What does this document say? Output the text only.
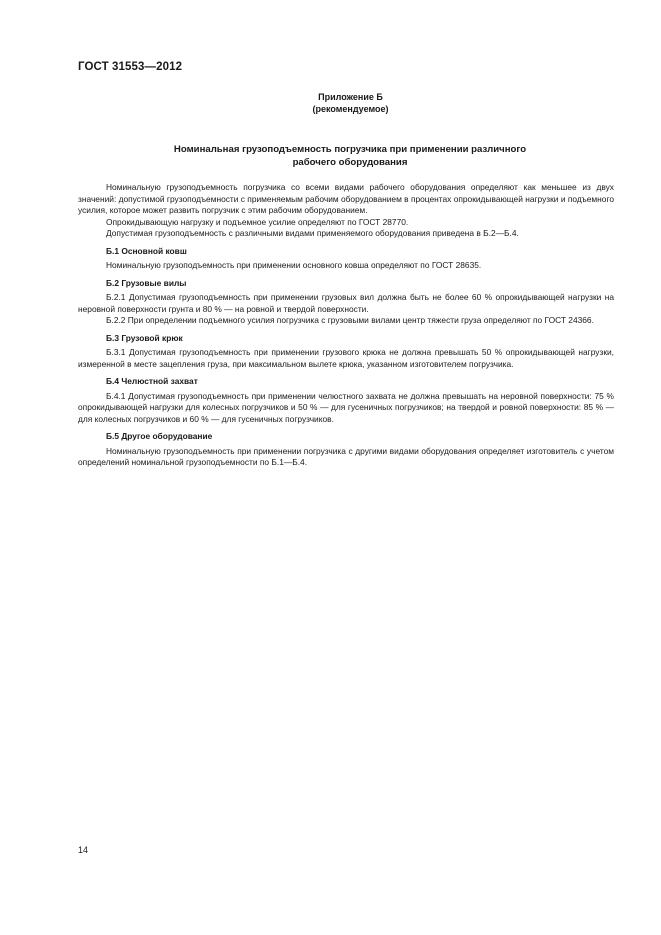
ГОСТ 31553—2012
Приложение Б
(рекомендуемое)
Номинальная грузоподъемность погрузчика при применении различного
рабочего оборудования

Номинальную грузоподъемность погрузчика со всеми видами рабочего оборудования определяют как меньшее из двух значений: допустимой грузоподъемности с применяемым рабочим оборудованием в процентах опрокидывающей нагрузки и подъемного усилия, которое может развить погрузчик с этим рабочим оборудованием.

Опрокидывающую нагрузку и подъемное усилие определяют по ГОСТ 28770.

Допустимая грузоподъемность с различными видами применяемого оборудования приведена в Б.2—Б.4.

Б.1 Основной ковш

Номинальную грузоподъемность при применении основного ковша определяют по ГОСТ 28635.

Б.2 Грузовые вилы

Б.2.1 Допустимая грузоподъемность при применении грузовых вил должна быть не более 60 % опрокидывающей нагрузки на неровной поверхности грунта и 80 % — на ровной и твердой поверхности.

Б.2.2 При определении подъемного усилия погрузчика с грузовыми вилами центр тяжести груза определяют по ГОСТ 24366.

Б.3 Грузовой крюк

Б.3.1 Допустимая грузоподъемность при применении грузового крюка не должна превышать 50 % опрокидывающей нагрузки, измеренной в месте зацепления груза, при максимальном вылете крюка, указанном изготовителем погрузчика.

Б.4 Челюстной захват

Б.4.1 Допустимая грузоподъемность при применении челюстного захвата не должна превышать на неровной поверхности: 75 % опрокидывающей нагрузки для колесных погрузчиков и 50 % — для гусеничных погрузчиков; на твердой и ровной поверхности: 85 % — для колесных погрузчиков и 60 % — для гусеничных погрузчиков.

Б.5 Другое оборудование

Номинальную грузоподъемность при применении погрузчика с другими видами оборудования определяет изготовитель с учетом определений номинальной грузоподъемности по Б.1—Б.4.

14
